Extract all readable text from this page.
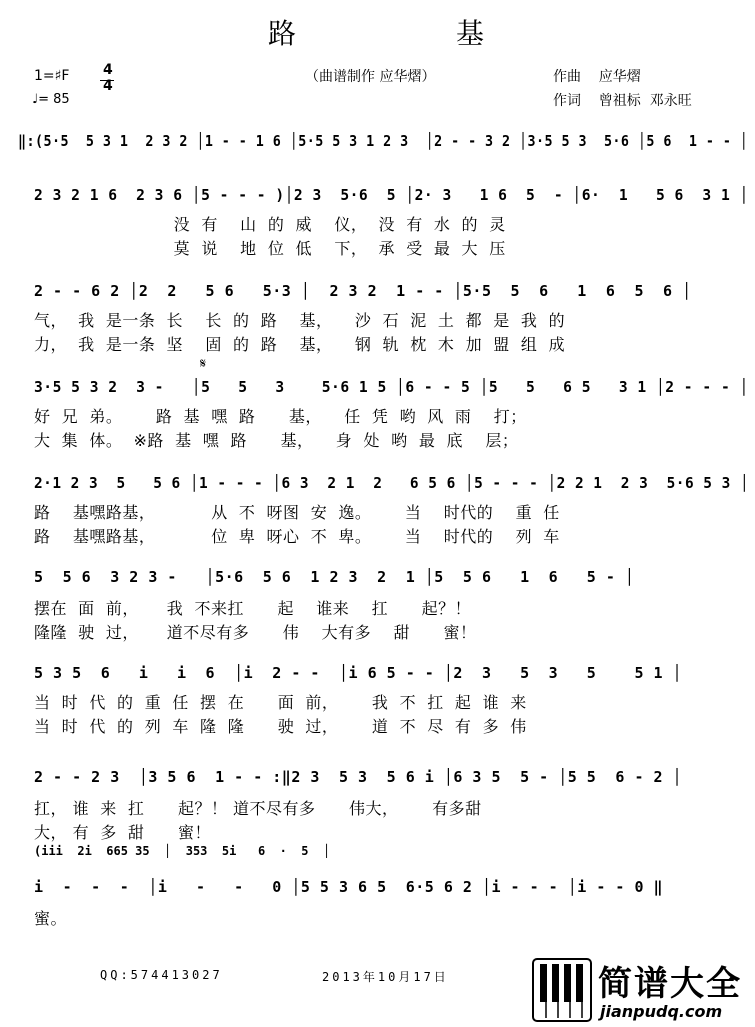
路	基
1=♯F 4
4
♩= 85
（曲谱制作 应华熠）	作曲    应华熠
作词    曾祖标  邓永旺
‖:(5·5  5 3 1  2 3 2 │1 - - 1 6 │5·5 5 3 1 2 3  │2 - - 3 2 │3·5 5 3  5·6 │5 6  1 - - │
2 3 2 1 6  2 3 6 │5 - - - )│2 3  5·6  5 │2· 3   1 6  5  - │6·  1   5 6  3 1 │
没  有    山  的  威    仪，  没  有  水  的  灵
莫  说    地  位  低    下，  承  受  最  大  压
2 - - 6 2 │2  2   5 6   5·3 │  2 3 2  1 - - │5·5  5  6   1  6  5  6 │
气，  我  是一条  长    长  的  路    基，    沙  石  泥  土  都  是  我  的
力，  我  是一条  坚    固  的  路    基，    钢  轨  枕  木  加  盟  组  成
𝄋
3·5 5 3 2  3 -   │5   5   3    5·6 1 5 │6 - - 5 │5   5   6 5   3 1 │2 - - - │
好  兄  弟。      路  基  嘿  路      基，    任  凭  哟  风  雨    打；
大  集  体。  ※路  基  嘿  路      基，    身  处  哟  最  底    层；
2·1 2 3  5   5 6 │1 - - - │6 3  2 1  2   6 5 6 │5 - - - │2 2 1  2 3  5·6 5 3 │
路    基嘿路基，          从  不  呀图  安  逸。      当    时代的    重  任
路    基嘿路基，          位  卑  呀心  不  卑。      当    时代的    列  车
5  5 6  3 2 3 -   │5·6  5 6  1 2 3  2  1 │5  5 6   1  6   5 - │
摆在  面  前，     我  不来扛      起    谁来    扛      起？！
隆隆  驶  过，     道不尽有多      伟    大有多    甜      蜜！
5 3 5  6   i   i  6  │i  2 - -  │i 6 5 - - │2  3   5  3   5    5 1 │
当  时  代  的  重  任  摆  在      面  前，      我  不  扛  起  谁  来
当  时  代  的  列  车  隆  隆      驶  过，      道  不  尽  有  多  伟
2 - - 2 3  │3 5 6  1 - - :‖2 3  5 3  5 6 i │6 3 5  5 - │5 5  6 - 2 │
扛， 谁  来  扛      起？！ 道不尽有多      伟大，      有多甜
大， 有  多  甜      蜜！
(iii  2i  665 35  │  353  5i   6  ·  5  │
i  -  -  -  │i   -   -   0 │5 5 3 6 5  6·5 6 2 │i - - - │i - - 0 ‖
蜜。
QQ:574413027	2013年10月17日	简谱大全
jianpudq.com
